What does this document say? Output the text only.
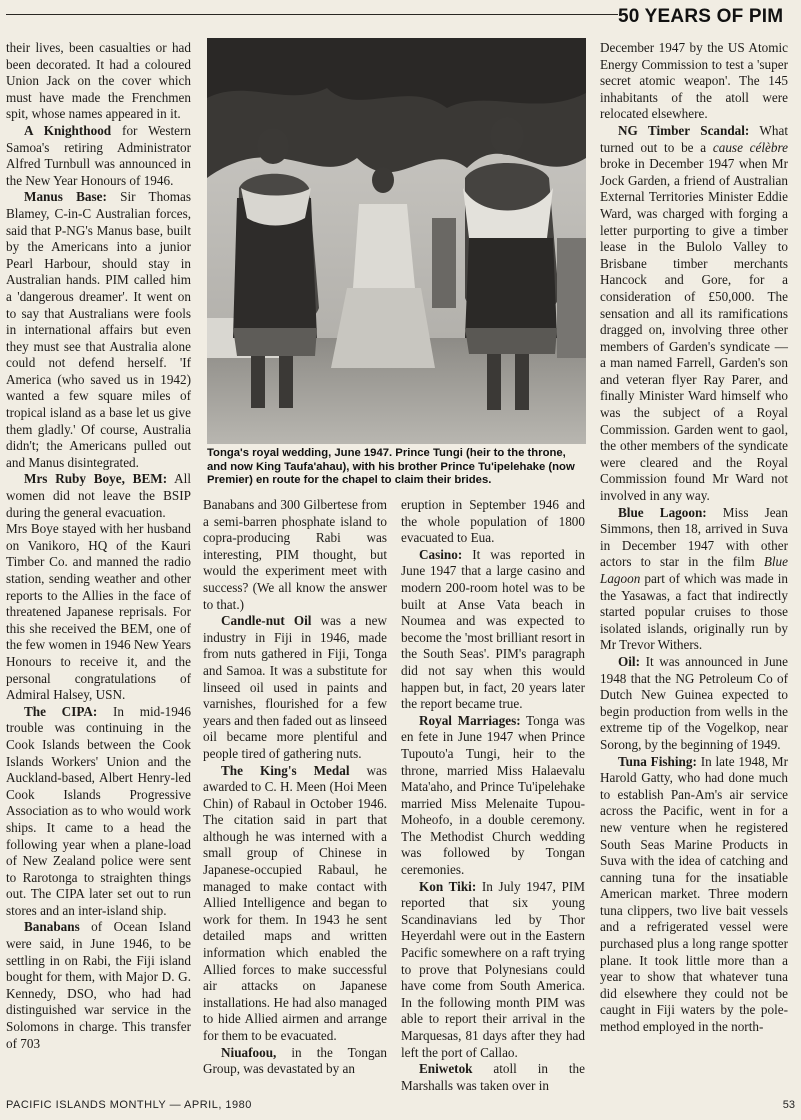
50 YEARS OF PIM

their lives, been casualties or had been decorated. It had a coloured Union Jack on the cover which must have made the Frenchmen spit, whose names appeared in it.

A Knighthood for Western Samoa's retiring Administrator Alfred Turnbull was announced in the New Year Honours of 1946.

Manus Base: Sir Thomas Blamey, C-in-C Australian forces, said that P-NG's Manus base, built by the Americans into a junior Pearl Harbour, should stay in Australian hands. PIM called him a 'dangerous dreamer'. It went on to say that Australians were fools in international affairs but even they must see that Australia alone could not defend herself. 'If America (who saved us in 1942) wanted a few square miles of tropical island as a base let us give them gladly.' Of course, Australia didn't; the Americans pulled out and Manus disintegrated.

Mrs Ruby Boye, BEM: All women did not leave the BSIP during the general evacuation.

Mrs Boye stayed with her husband on Vanikoro, HQ of the Kauri Timber Co. and manned the radio station, sending weather and other reports to the Allies in the face of threatened Japanese reprisals. For this she received the BEM, one of the few women in 1946 New Years Honours to receive it, and the personal congratulations of Admiral Halsey, USN.

The CIPA: In mid-1946 trouble was continuing in the Cook Islands between the Cook Islands Workers' Union and the Auckland-based, Albert Henry-led Cook Islands Progressive Association as to who would work ships. It came to a head the following year when a plane-load of New Zealand police were sent to Rarotonga to straighten things out. The CIPA later set out to run stores and an inter-island ship.

Banabans of Ocean Island were said, in June 1946, to be settling in on Rabi, the Fiji island bought for them, with Major D. G. Kennedy, DSO, who had had distinguished war service in the Solomons in charge. This transfer of 703

Tonga's royal wedding, June 1947. Prince Tungi (heir to the throne, and now King Taufa'ahau), with his brother Prince Tu'ipelehake (now Premier) en route for the chapel to claim their brides.

Banabans and 300 Gilbertese from a semi-barren phosphate island to copra-producing Rabi was interesting, PIM thought, but would the experiment meet with success? (We all know the answer to that.)

Candle-nut Oil was a new industry in Fiji in 1946, made from nuts gathered in Fiji, Tonga and Samoa. It was a substitute for linseed oil used in paints and varnishes, flourished for a few years and then faded out as linseed oil became more plentiful and people tired of gathering nuts.

The King's Medal was awarded to C. H. Meen (Hoi Meen Chin) of Rabaul in October 1946. The citation said in part that although he was interned with a small group of Chinese in Japanese-occupied Rabaul, he managed to make contact with Allied Intelligence and began to work for them. In 1943 he sent detailed maps and written information which enabled the Allied forces to make successful air attacks on Japanese installations. He had also managed to hide Allied airmen and arrange for them to be evacuated.

Niuafoou, in the Tongan Group, was devastated by an

eruption in September 1946 and the whole population of 1800 evacuated to Eua.

Casino: It was reported in June 1947 that a large casino and modern 200-room hotel was to be built at Anse Vata beach in Noumea and was expected to become the 'most brilliant resort in the South Seas'. PIM's paragraph did not say when this would happen but, in fact, 20 years later the report became true.

Royal Marriages: Tonga was en fete in June 1947 when Prince Tupouto'a Tungi, heir to the throne, married Miss Halaevalu Mata'aho, and Prince Tu'ipelehake married Miss Melenaite Tupou-Moheofo, in a double ceremony. The Methodist Church wedding was followed by Tongan ceremonies.

Kon Tiki: In July 1947, PIM reported that six young Scandinavians led by Thor Heyerdahl were out in the Eastern Pacific somewhere on a raft trying to prove that Polynesians could have come from South America. In the following month PIM was able to report their arrival in the Marquesas, 81 days after they had left the port of Callao.

Eniwetok atoll in the Marshalls was taken over in

December 1947 by the US Atomic Energy Commission to test a 'super secret atomic weapon'. The 145 inhabitants of the atoll were relocated elsewhere.

NG Timber Scandal: What turned out to be a cause célèbre broke in December 1947 when Mr Jock Garden, a friend of Australian External Territories Minister Eddie Ward, was charged with forging a letter purporting to give a timber lease in the Bulolo Valley to Brisbane timber merchants Hancock and Gore, for a consideration of £50,000. The sensation and all its ramifications dragged on, involving three other members of Garden's syndicate — a man named Farrell, Garden's son and veteran flyer Ray Parer, and finally Minister Ward himself who was the subject of a Royal Commission. Garden went to gaol, the other members of the syndicate were cleared and the Royal Commission found Mr Ward not involved in any way.

Blue Lagoon: Miss Jean Simmons, then 18, arrived in Suva in December 1947 with other actors to star in the film Blue Lagoon part of which was made in the Yasawas, a fact that indirectly started popular cruises to those isolated islands, originally run by Mr Trevor Withers.

Oil: It was announced in June 1948 that the NG Petroleum Co of Dutch New Guinea expected to begin production from wells in the extreme tip of the Vogelkop, near Sorong, by the beginning of 1949.

Tuna Fishing: In late 1948, Mr Harold Gatty, who had done much to establish Pan-Am's air service across the Pacific, went in for a new venture when he registered South Seas Marine Products in Suva with the idea of catching and canning tuna for the insatiable American market. Three modern tuna clippers, two live bait vessels and a refrigerated vessel were purchased plus a long range spotter plane. It took little more than a year to show that whatever tuna did elsewhere they could not be caught in Fiji waters by the pole-method employed in the north-

PACIFIC ISLANDS MONTHLY — APRIL, 1980	53
